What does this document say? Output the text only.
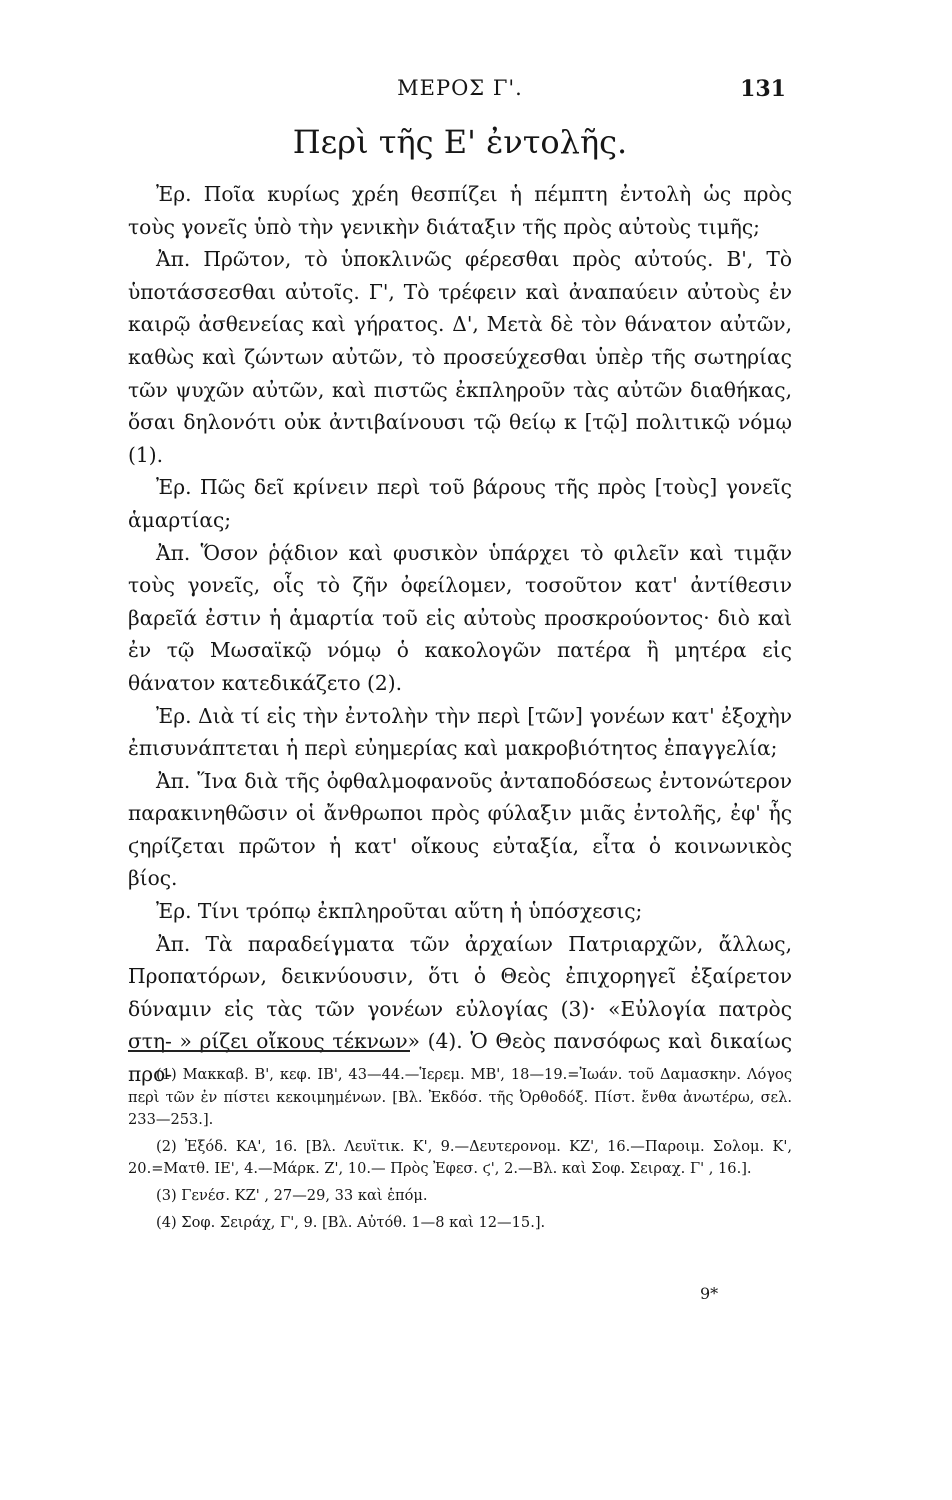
ΜΕΡΟΣ Γ'.	131
Περὶ τῆς Ε' ἐντολῆς.

Ἐρ. Ποῖα κυρίως χρέη θεσπίζει ἡ πέμπτη ἐντολὴ ὡς πρὸς τοὺς γονεῖς ὑπὸ τὴν γενικὴν διάταξιν τῆς πρὸς αὐτοὺς τιμῆς;

Ἀπ. Πρῶτον, τὸ ὑποκλινῶς φέρεσθαι πρὸς αὐτούς. Β', Τὸ ὑποτάσσεσθαι αὐτοῖς. Γ', Τὸ τρέφειν καὶ ἀναπαύειν αὐτοὺς ἐν καιρῷ ἀσθενείας καὶ γήρατος. Δ', Μετὰ δὲ τὸν θάνατον αὐτῶν, καθὼς καὶ ζώντων αὐτῶν, τὸ προσεύχεσθαι ὑπὲρ τῆς σωτηρίας τῶν ψυχῶν αὐτῶν, καὶ πιστῶς ἐκπληροῦν τὰς αὐτῶν διαθήκας, ὅσαι δηλονότι οὐκ ἀντιβαίνουσι τῷ θείῳ κ [τῷ] πολιτικῷ νόμῳ (1).

Ἐρ. Πῶς δεῖ κρίνειν περὶ τοῦ βάρους τῆς πρὸς [τοὺς] γονεῖς ἁμαρτίας;

Ἀπ. Ὅσον ῥᾴδιον καὶ φυσικὸν ὑπάρχει τὸ φιλεῖν καὶ τιμᾷν τοὺς γονεῖς, οἷς τὸ ζῆν ὀφείλομεν, τοσοῦτον κατ' ἀντίθεσιν βαρεῖά ἐστιν ἡ ἁμαρτία τοῦ εἰς αὐτοὺς προσκρούοντος· διὸ καὶ ἐν τῷ Μωσαϊκῷ νόμῳ ὁ κακολογῶν πατέρα ἢ μητέρα εἰς θάνατον κατεδικάζετο (2).

Ἐρ. Διὰ τί εἰς τὴν ἐντολὴν τὴν περὶ [τῶν] γονέων κατ' ἐξοχὴν ἐπισυνάπτεται ἡ περὶ εὐημερίας καὶ μακροβιότητος ἐπαγγελία;

Ἀπ. Ἵνα διὰ τῆς ὀφθαλμοφανοῦς ἀνταποδόσεως ἐντονώτερον παρακινηθῶσιν οἱ ἄνθρωποι πρὸς φύλαξιν μιᾶς ἐντολῆς, ἐφ' ἧς ϛηρίζεται πρῶτον ἡ κατ' οἴκους εὐταξία, εἶτα ὁ κοινωνικὸς βίος.

Ἐρ. Τίνι τρόπῳ ἐκπληροῦται αὕτη ἡ ὑπόσχεσις;

Ἀπ. Τὰ παραδείγματα τῶν ἀρχαίων Πατριαρχῶν, ἄλλως, Προπατόρων, δεικνύουσιν, ὅτι ὁ Θεὸς ἐπιχορηγεῖ ἐξαίρετον δύναμιν εἰς τὰς τῶν γονέων εὐλογίας (3)· «Εὐλογία πατρὸς στη- » ρίζει οἴκους τέκνων» (4). Ὁ Θεὸς πανσόφως καὶ δικαίως προ-

(1) Μακκαβ. Β', κεφ. ΙΒ', 43—44.—Ἱερεμ. ΜΒ', 18—19.=Ἰωάν. τοῦ Δαμασκην. Λόγος περὶ τῶν ἐν πίστει κεκοιμημένων. [Βλ. Ἐκδόσ. τῆς Ὀρθοδόξ. Πίστ. ἔνθα ἀνωτέρω, σελ. 233—253.].

(2) Ἐξόδ. ΚΑ', 16. [Βλ. Λευϊτικ. Κ', 9.—Δευτερονομ. ΚΖ', 16.—Παροιμ. Σολομ. Κ', 20.=Ματθ. ΙΕ', 4.—Μάρκ. Ζ', 10.— Πρὸς Ἐφεσ. ϛ', 2.—Βλ. καὶ Σοφ. Σειραχ. Γ' , 16.].

(3) Γενέσ. ΚΖ' , 27—29, 33 καὶ ἑπόμ.

(4) Σοφ. Σειράχ, Γ', 9. [Βλ. Αὐτόθ. 1—8 καὶ 12—15.].

9*
